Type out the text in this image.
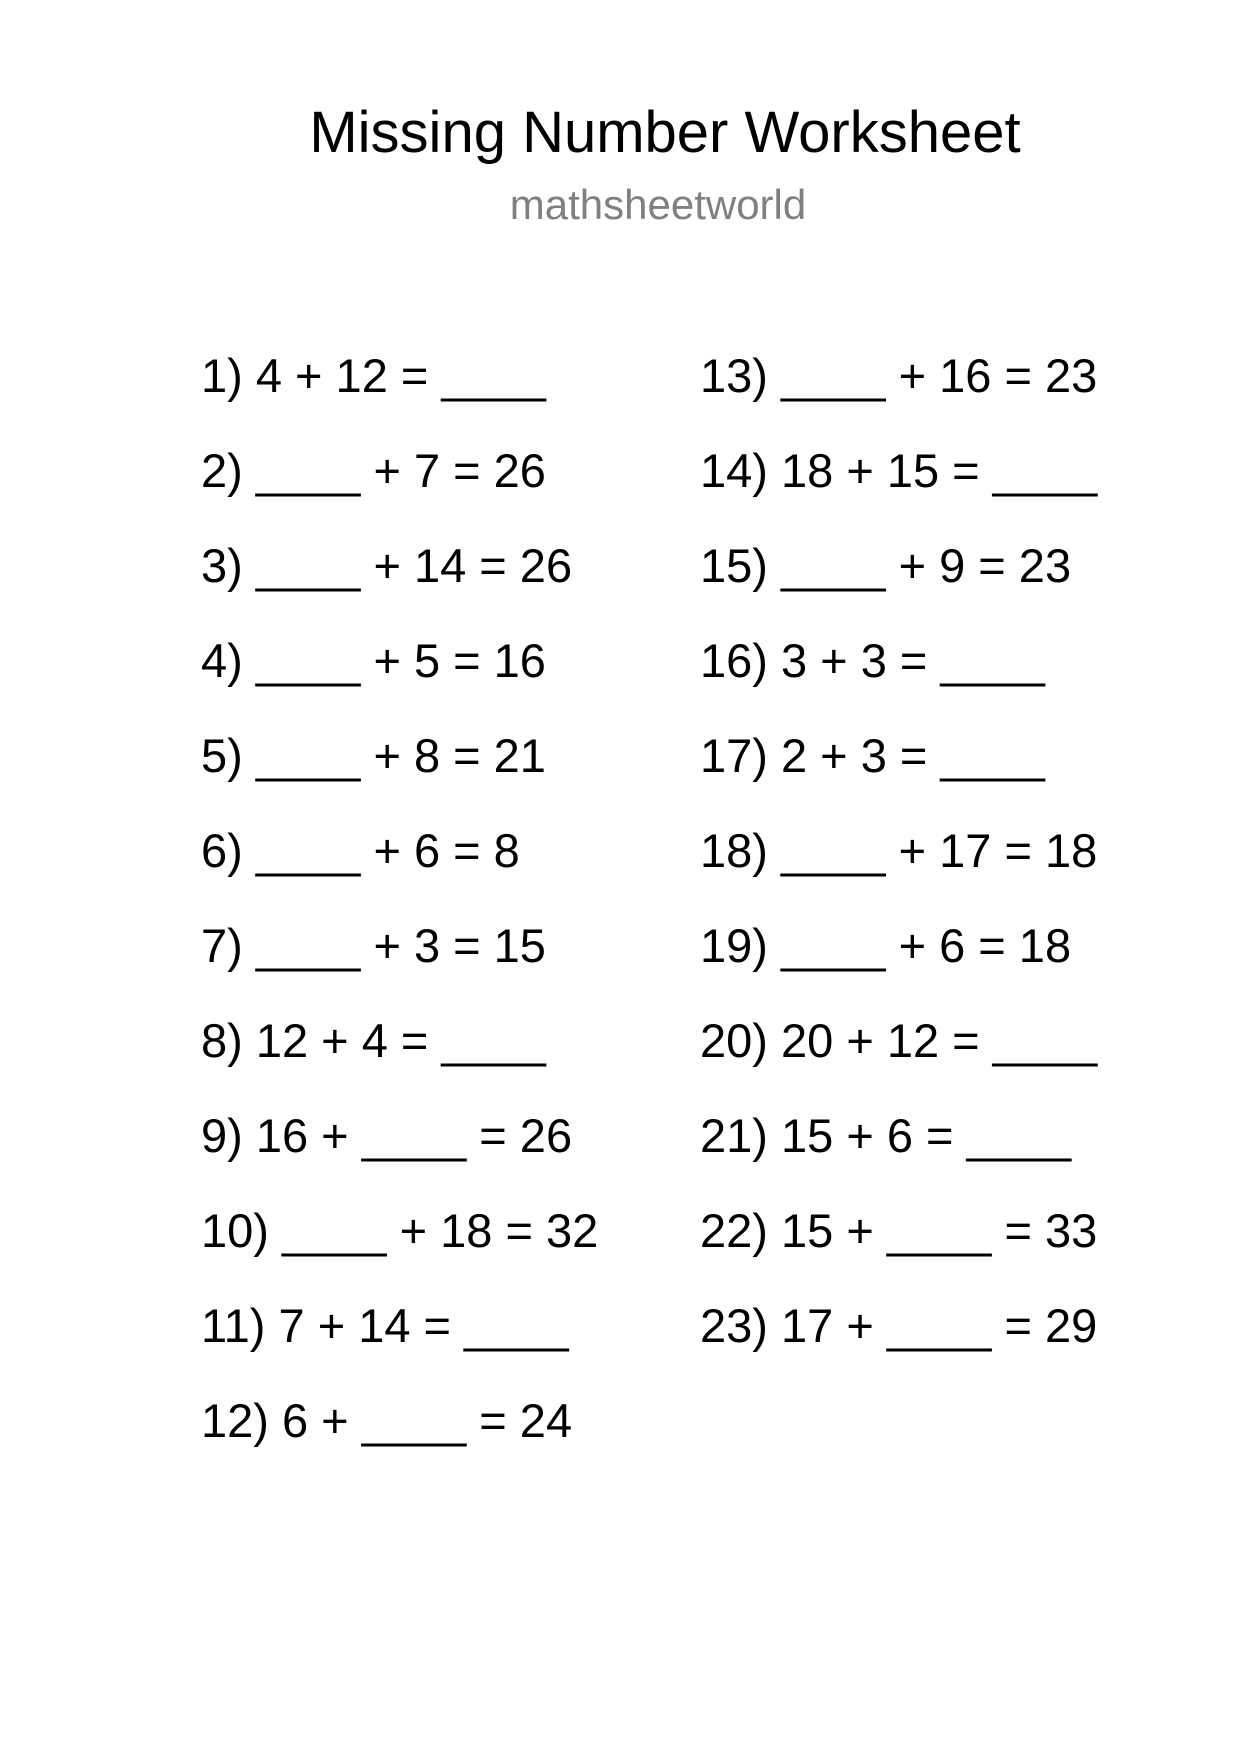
Missing Number Worksheet
mathsheetworld
1) 4 + 12 = ____
2) ____ + 7 = 26
3) ____ + 14 = 26
4) ____ + 5 = 16
5) ____ + 8 = 21
6) ____ + 6 = 8
7) ____ + 3 = 15
8) 12 + 4 = ____
9) 16 + ____ = 26
10) ____ + 18 = 32
11) 7 + 14 = ____
12) 6 + ____ = 24
13) ____ + 16 = 23
14) 18 + 15 = ____
15) ____ + 9 = 23
16) 3 + 3 = ____
17) 2 + 3 = ____
18) ____ + 17 = 18
19) ____ + 6 = 18
20) 20 + 12 = ____
21) 15 + 6 = ____
22) 15 + ____ = 33
23) 17 + ____ = 29
